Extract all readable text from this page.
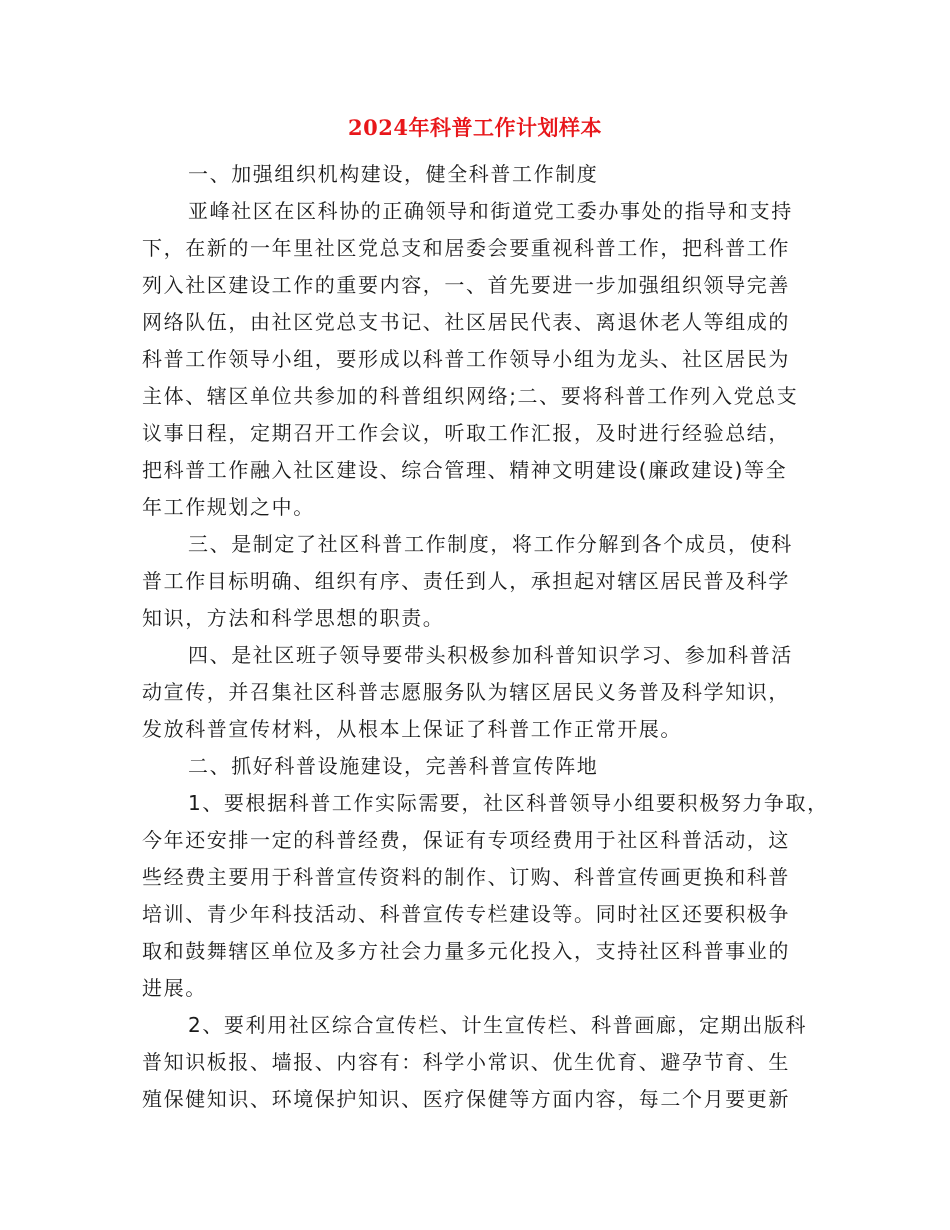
2024年科普工作计划样本
一、加强组织机构建设，健全科普工作制度
亚峰社区在区科协的正确领导和街道党工委办事处的指导和支持
下，在新的一年里社区党总支和居委会要重视科普工作，把科普工作
列入社区建设工作的重要内容，一、首先要进一步加强组织领导完善
网络队伍，由社区党总支书记、社区居民代表、离退休老人等组成的
科普工作领导小组，要形成以科普工作领导小组为龙头、社区居民为
主体、辖区单位共参加的科普组织网络;二、要将科普工作列入党总支
议事日程，定期召开工作会议，听取工作汇报，及时进行经验总结，
把科普工作融入社区建设、综合管理、精神文明建设(廉政建设)等全
年工作规划之中。
三、是制定了社区科普工作制度，将工作分解到各个成员，使科
普工作目标明确、组织有序、责任到人，承担起对辖区居民普及科学
知识，方法和科学思想的职责。
四、是社区班子领导要带头积极参加科普知识学习、参加科普活
动宣传，并召集社区科普志愿服务队为辖区居民义务普及科学知识，
发放科普宣传材料，从根本上保证了科普工作正常开展。
二、抓好科普设施建设，完善科普宣传阵地
1、要根据科普工作实际需要，社区科普领导小组要积极努力争取，
今年还安排一定的科普经费，保证有专项经费用于社区科普活动，这
些经费主要用于科普宣传资料的制作、订购、科普宣传画更换和科普
培训、青少年科技活动、科普宣传专栏建设等。同时社区还要积极争
取和鼓舞辖区单位及多方社会力量多元化投入，支持社区科普事业的
进展。
2、要利用社区综合宣传栏、计生宣传栏、科普画廊，定期出版科
普知识板报、墙报、内容有：科学小常识、优生优育、避孕节育、生
殖保健知识、环境保护知识、医疗保健等方面内容，每二个月要更新
